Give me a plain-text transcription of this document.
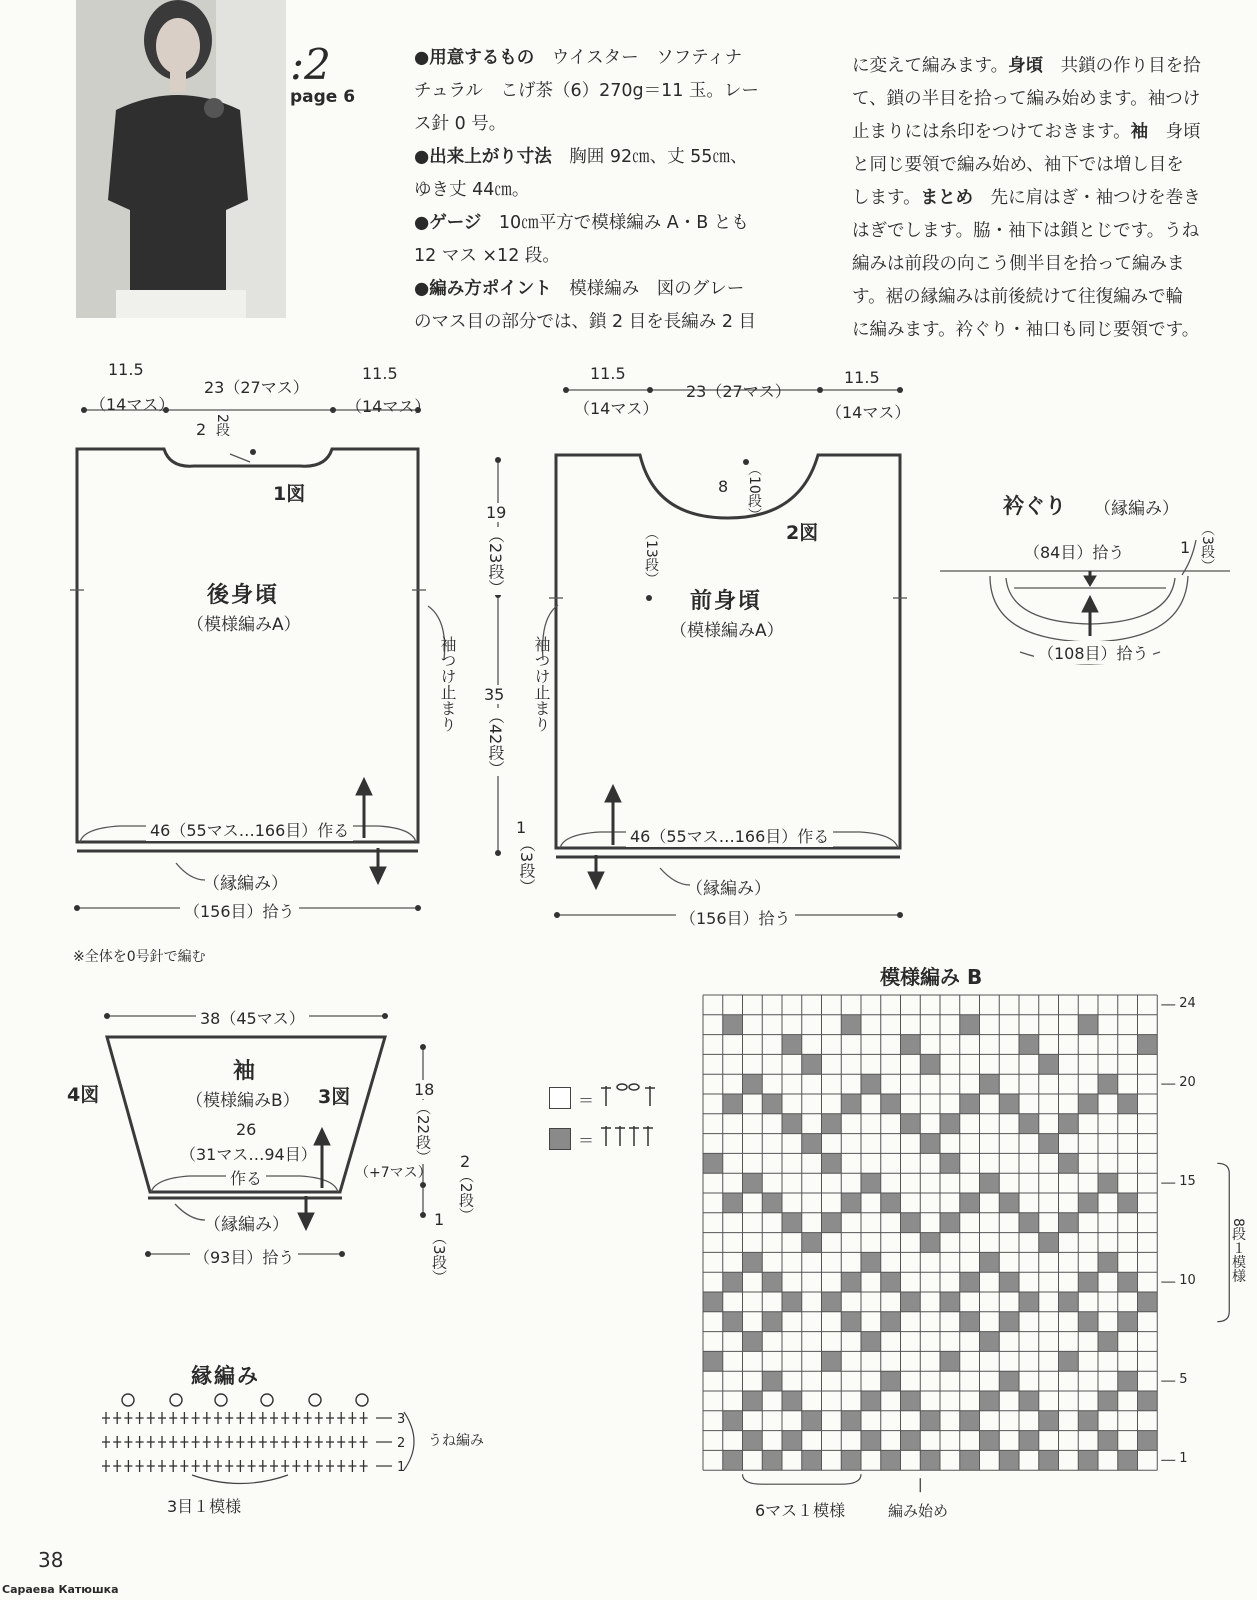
:2
page 6
●用意するもの　ウイスター　ソフティナ
チュラル　こげ茶（6）270g＝11 玉。レー
ス針 0 号。
●出来上がり寸法　胸囲 92㎝、丈 55㎝、
ゆき丈 44㎝。
●ゲージ　10㎝平方で模様編み A・B とも
12 マス ×12 段。
●編み方ポイント　模様編み　図のグレー
のマス目の部分では、鎖 2 目を長編み 2 目
に変えて編みます。身頃　共鎖の作り目を拾
て、鎖の半目を拾って編み始めます。袖つけ
止まりには糸印をつけておきます。袖　身頃
と同じ要領で編み始め、袖下では増し目を
します。まとめ　先に肩はぎ・袖つけを巻き
はぎでします。脇・袖下は鎖とじです。うね
編みは前段の向こう側半目を拾って編みま
す。裾の縁編みは前後続けて往復編みで輪
に編みます。衿ぐり・袖口も同じ要領です。
11.5
（14マス）
23（27マス）
11.5
（14マス）
2 2段
1図
後身頃
（模様編みA）
46（55マス…166目）作る
（縁編み）
（156目）拾う
袖つけ止まり
19
（23段）
35
（42段）
1
（3段）
11.5
（14マス）
23（27マス）
11.5
（14マス）
8 （10段）
（13段）	2図
前身頃
（模様編みA）
46（55マス…166目）作る
（縁編み）
（156目）拾う
袖つけ止まり
衿ぐり （縁編み）
（84目）拾う	1 （3段）
（108目）拾う
※全体を0号針で編む
38（45マス）
4図	3図
袖
（模様編みB）
26
（31マス…94目）
作る	（+7マス）
（縁編み）
（93目）拾う
18
（22段） 2
（2段）
1
（3段）
＝
＝
縁編み
3
2
1
うね編み
3目１模様
模様編み B
24
20
15
10
5
1
8段１模様
6マス１模様	編み始め
38
Сараева Катюшка
